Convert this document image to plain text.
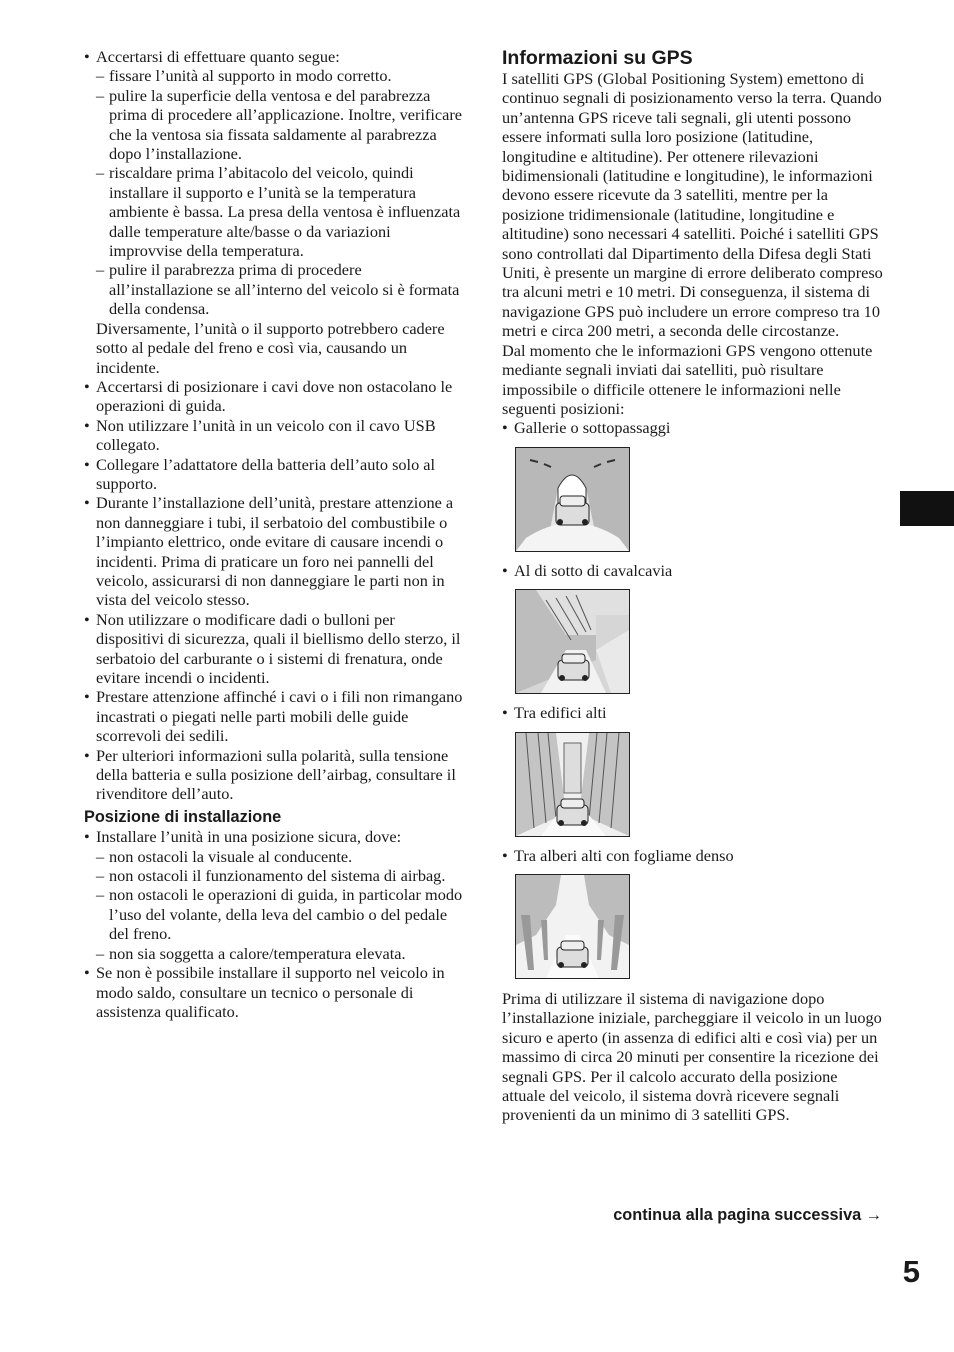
• Accertarsi di effettuare quanto segue:
– fissare l’unità al supporto in modo corretto.
– pulire la superficie della ventosa e del parabrezza prima di procedere all’applicazione. Inoltre, verificare che la ventosa sia fissata saldamente al parabrezza dopo l’installazione.
– riscaldare prima l’abitacolo del veicolo, quindi installare il supporto e l’unità se la temperatura ambiente è bassa. La presa della ventosa è influenzata dalle temperature alte/basse o da variazioni improvvise della temperatura.
– pulire il parabrezza prima di procedere all’installazione se all’interno del veicolo si è formata della condensa.

Diversamente, l’unità o il supporto potrebbero cadere sotto al pedale del freno e così via, causando un incidente.

• Accertarsi di posizionare i cavi dove non ostacolano le operazioni di guida.
• Non utilizzare l’unità in un veicolo con il cavo USB collegato.
• Collegare l’adattatore della batteria dell’auto solo al supporto.
• Durante l’installazione dell’unità, prestare attenzione a non danneggiare i tubi, il serbatoio del combustibile o l’impianto elettrico, onde evitare di causare incendi o incidenti. Prima di praticare un foro nei pannelli del veicolo, assicurarsi di non danneggiare le parti non in vista del veicolo stesso.
• Non utilizzare o modificare dadi o bulloni per dispositivi di sicurezza, quali il biellismo dello sterzo, il serbatoio del carburante o i sistemi di frenatura, onde evitare incendi o incidenti.
• Prestare attenzione affinché i cavi o i fili non rimangano incastrati o piegati nelle parti mobili delle guide scorrevoli dei sedili.
• Per ulteriori informazioni sulla polarità, sulla tensione della batteria e sulla posizione dell’airbag, consultare il rivenditore dell’auto.
Posizione di installazione
• Installare l’unità in una posizione sicura, dove:
– non ostacoli la visuale al conducente.
– non ostacoli il funzionamento del sistema di airbag.
– non ostacoli le operazioni di guida, in particolar modo l’uso del volante, della leva del cambio o del pedale del freno.
– non sia soggetta a calore/temperatura elevata.
• Se non è possibile installare il supporto nel veicolo in modo saldo, consultare un tecnico o personale di assistenza qualificato.
Informazioni su GPS

I satelliti GPS (Global Positioning System) emettono di continuo segnali di posizionamento verso la terra. Quando un’antenna GPS riceve tali segnali, gli utenti possono essere informati sulla loro posizione (latitudine, longitudine e altitudine). Per ottenere rilevazioni bidimensionali (latitudine e longitudine), le informazioni devono essere ricevute da 3 satelliti, mentre per la posizione tridimensionale (latitudine, longitudine e altitudine) sono necessari 4 satelliti. Poiché i satelliti GPS sono controllati dal Dipartimento della Difesa degli Stati Uniti, è presente un margine di errore deliberato compreso tra alcuni metri e 10 metri. Di conseguenza, il sistema di navigazione GPS può includere un errore compreso tra 10 metri e circa 200 metri, a seconda delle circostanze.

Dal momento che le informazioni GPS vengono ottenute mediante segnali inviati dai satelliti, può risultare impossibile o difficile ottenere le informazioni nelle seguenti posizioni:

• Gallerie o sottopassaggi
• Al di sotto di cavalcavia
• Tra edifici alti
• Tra alberi alti con fogliame denso

Prima di utilizzare il sistema di navigazione dopo l’installazione iniziale, parcheggiare il veicolo in un luogo sicuro e aperto (in assenza di edifici alti e così via) per un massimo di circa 20 minuti per consentire la ricezione dei segnali GPS. Per il calcolo accurato della posizione attuale del veicolo, il sistema dovrà ricevere segnali provenienti da un minimo di 3 satelliti GPS.

continua alla pagina successiva →
5
